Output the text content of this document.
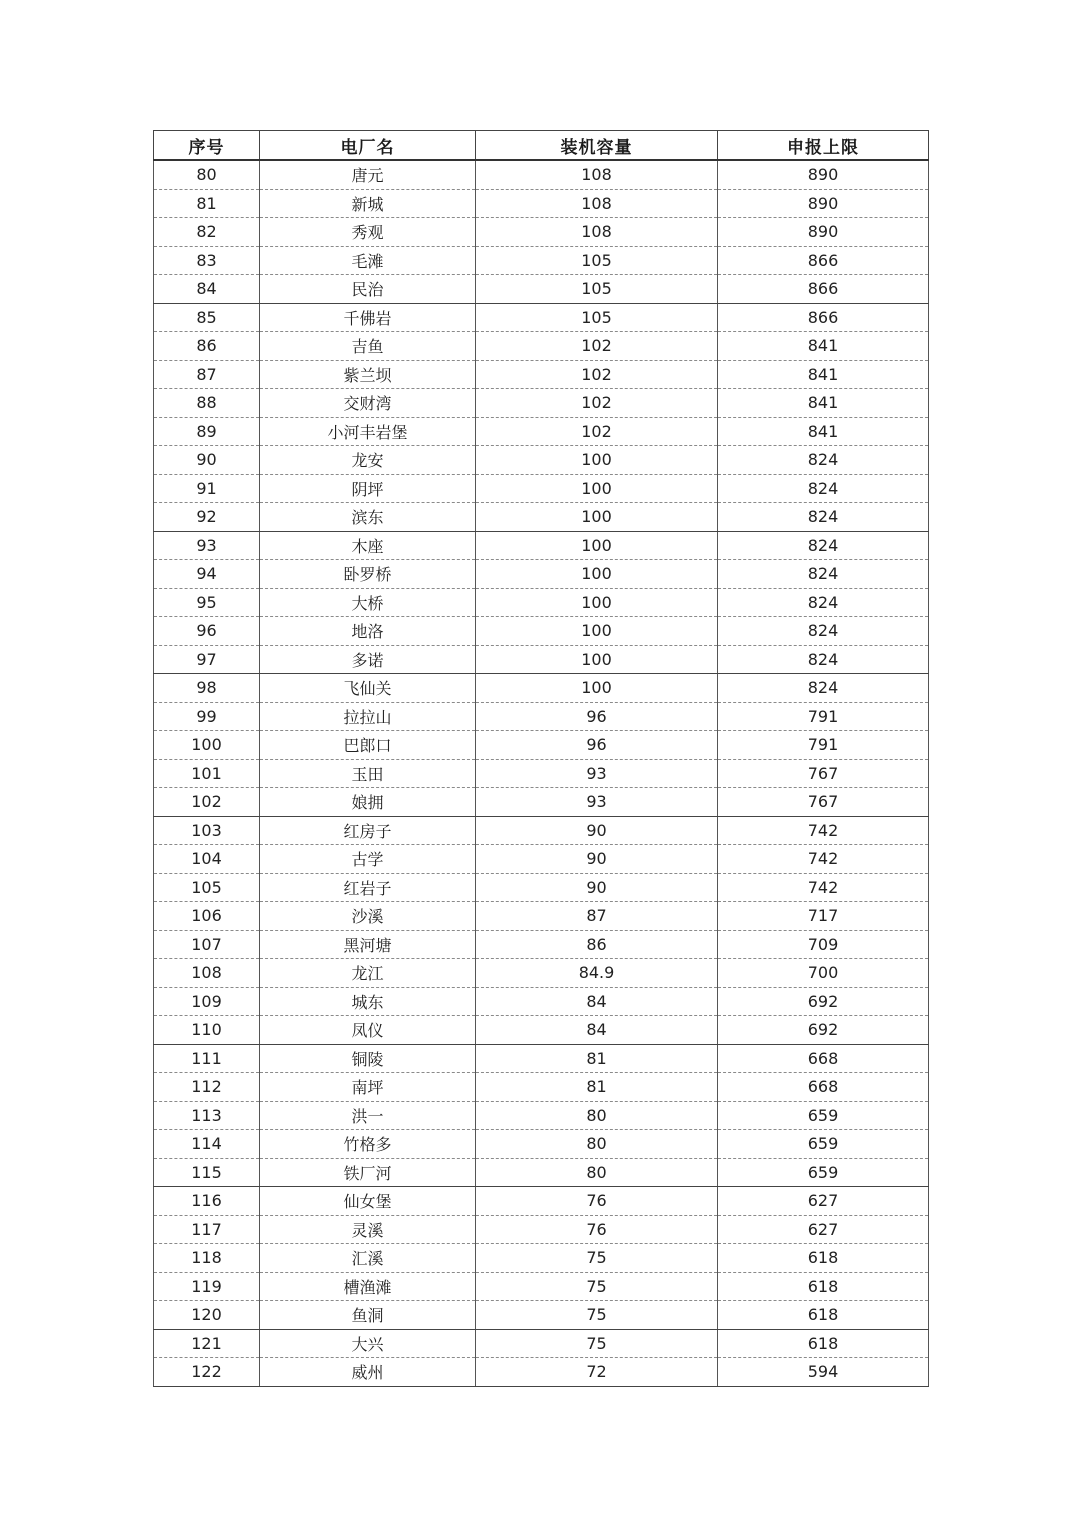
序号	电厂名	装机容量	申报上限
80	唐元	108	890
81	新城	108	890
82	秀观	108	890
83	毛滩	105	866
84	民治	105	866
85	千佛岩	105	866
86	吉鱼	102	841
87	紫兰坝	102	841
88	交财湾	102	841
89	小河丰岩堡	102	841
90	龙安	100	824
91	阴坪	100	824
92	滨东	100	824
93	木座	100	824
94	卧罗桥	100	824
95	大桥	100	824
96	地洛	100	824
97	多诺	100	824
98	飞仙关	100	824
99	拉拉山	96	791
100	巴郎口	96	791
101	玉田	93	767
102	娘拥	93	767
103	红房子	90	742
104	古学	90	742
105	红岩子	90	742
106	沙溪	87	717
107	黑河塘	86	709
108	龙江	84.9	700
109	城东	84	692
110	凤仪	84	692
111	铜陵	81	668
112	南坪	81	668
113	洪一	80	659
114	竹格多	80	659
115	铁厂河	80	659
116	仙女堡	76	627
117	灵溪	76	627
118	汇溪	75	618
119	槽渔滩	75	618
120	鱼洞	75	618
121	大兴	75	618
122	威州	72	594
